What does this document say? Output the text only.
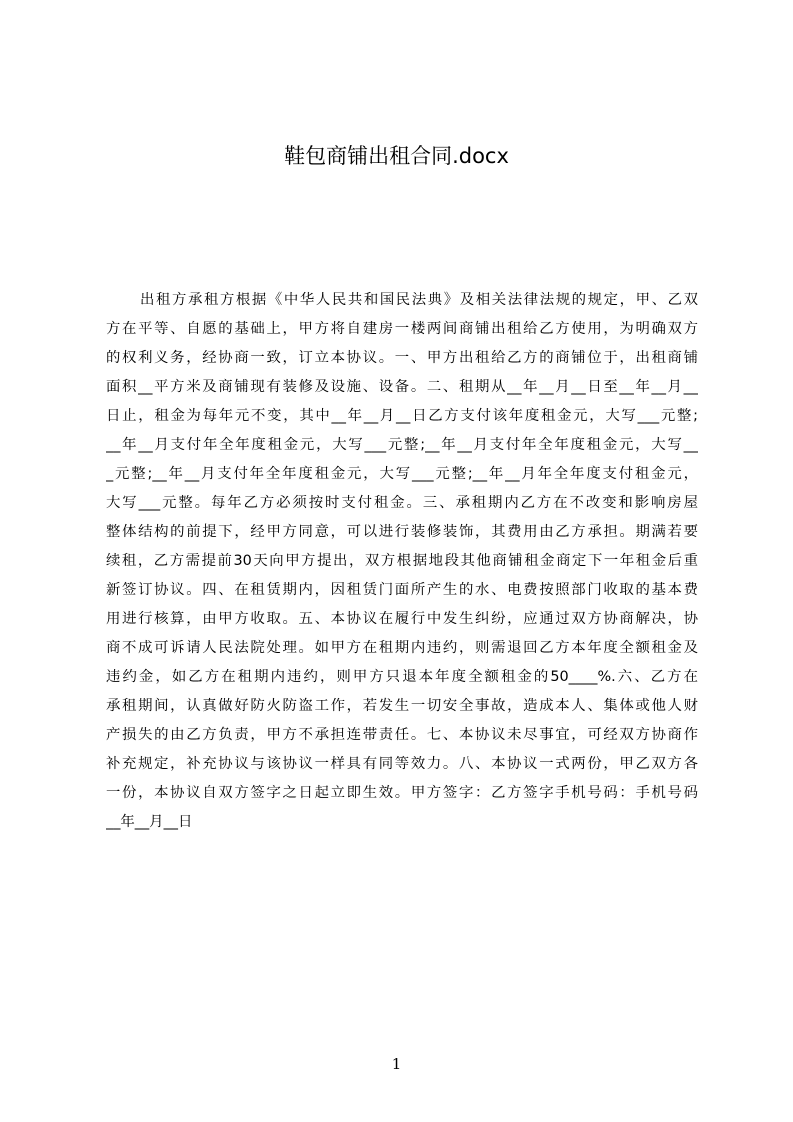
鞋包商铺出租合同.docx
出租方承租方根据《中华人民共和国民法典》及相关法律法规的规定，甲、乙双
方在平等、自愿的基础上，甲方将自建房一楼两间商铺出租给乙方使用，为明确双方
的权利义务，经协商一致，订立本协议。一、甲方出租给乙方的商铺位于，出租商铺
面积__平方米及商铺现有装修及设施、设备。二、租期从__年__月__日至__年__月__
日止，租金为每年元不变，其中__年__月__日乙方支付该年度租金元，大写___元整;
__年__月支付年全年度租金元，大写___元整;__年__月支付年全年度租金元，大写__
_元整;__年__月支付年全年度租金元，大写___元整;__年__月年全年度支付租金元，
大写___元整。每年乙方必须按时支付租金。三、承租期内乙方在不改变和影响房屋
整体结构的前提下，经甲方同意，可以进行装修装饰，其费用由乙方承担。期满若要
续租，乙方需提前30天向甲方提出，双方根据地段其他商铺租金商定下一年租金后重
新签订协议。四、在租赁期内，因租赁门面所产生的水、电费按照部门收取的基本费
用进行核算，由甲方收取。五、本协议在履行中发生纠纷，应通过双方协商解决，协
商不成可诉请人民法院处理。如甲方在租期内违约，则需退回乙方本年度全额租金及
违约金，如乙方在租期内违约，则甲方只退本年度全额租金的50____%.六、乙方在
承租期间，认真做好防火防盗工作，若发生一切安全事故，造成本人、集体或他人财
产损失的由乙方负责，甲方不承担连带责任。七、本协议未尽事宜，可经双方协商作
补充规定，补充协议与该协议一样具有同等效力。八、本协议一式两份，甲乙双方各
一份，本协议自双方签字之日起立即生效。甲方签字：乙方签字手机号码：手机号码
__年__月__日
1
